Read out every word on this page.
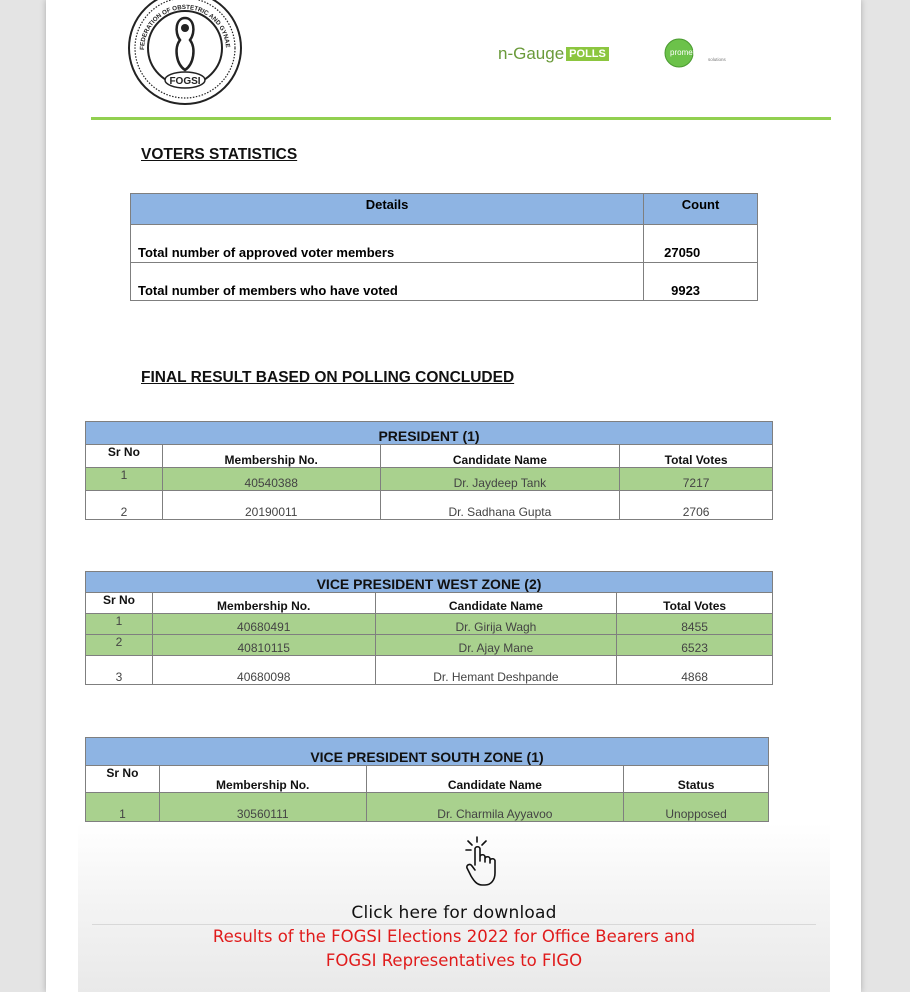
FEDERATION OF OBSTETRIC AND GYNAE
FOGSI
n-Gauge POLLS	prometheus
solutions
VOTERS STATISTICS
Details	Count
Total number of approved voter members	27050
Total number of members who have voted	9923
FINAL RESULT BASED ON POLLING CONCLUDED
PRESIDENT (1)			
Sr No	Membership No.	Candidate Name	Total Votes
1	40540388	Dr. Jaydeep Tank	7217
2	20190011	Dr. Sadhana Gupta	2706
VICE PRESIDENT WEST ZONE (2)			
Sr No	Membership No.	Candidate Name	Total Votes
1	40680491	Dr. Girija Wagh	8455
2	40810115	Dr. Ajay Mane	6523
3	40680098	Dr. Hemant Deshpande	4868
VICE PRESIDENT SOUTH ZONE (1)			
Sr No	Membership No.	Candidate Name	Status
1	30560111	Dr. Charmila Ayyavoo	Unopposed
Click here for download
Results of the FOGSI Elections 2022 for Office Bearers and
FOGSI Representatives to FIGO
